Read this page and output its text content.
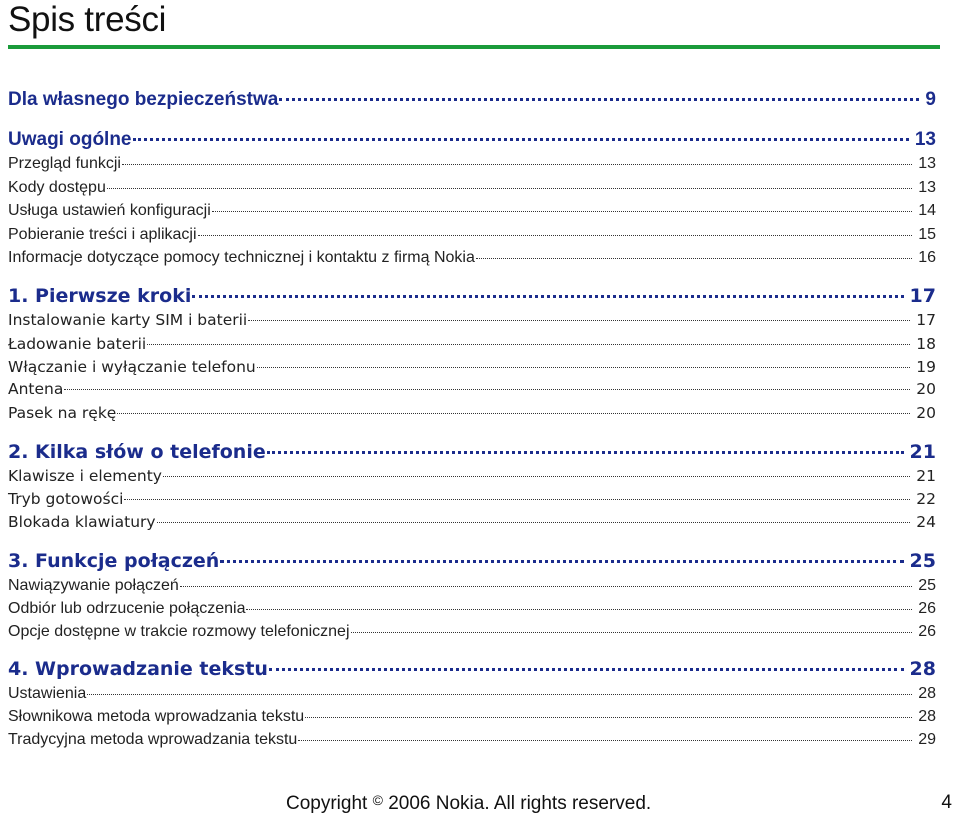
Spis treści
Dla własnego bezpieczeństwa	9
Uwagi ogólne	13
Przegląd funkcji	13
Kody dostępu	13
Usługa ustawień konfiguracji	14
Pobieranie treści i aplikacji	15
Informacje dotyczące pomocy technicznej i kontaktu z firmą Nokia	16
1. Pierwsze kroki	17
Instalowanie karty SIM i baterii	17
Ładowanie baterii	18
Włączanie i wyłączanie telefonu	19
Antena	20
Pasek na rękę	20
2. Kilka słów o telefonie	21
Klawisze i elementy	21
Tryb gotowości	22
Blokada klawiatury	24
3. Funkcje połączeń	25
Nawiązywanie połączeń	25
Odbiór lub odrzucenie połączenia	26
Opcje dostępne w trakcie rozmowy telefonicznej	26
4. Wprowadzanie tekstu	28
Ustawienia	28
Słownikowa metoda wprowadzania tekstu	28
Tradycyjna metoda wprowadzania tekstu	29
Copyright © 2006 Nokia. All rights reserved.	4
